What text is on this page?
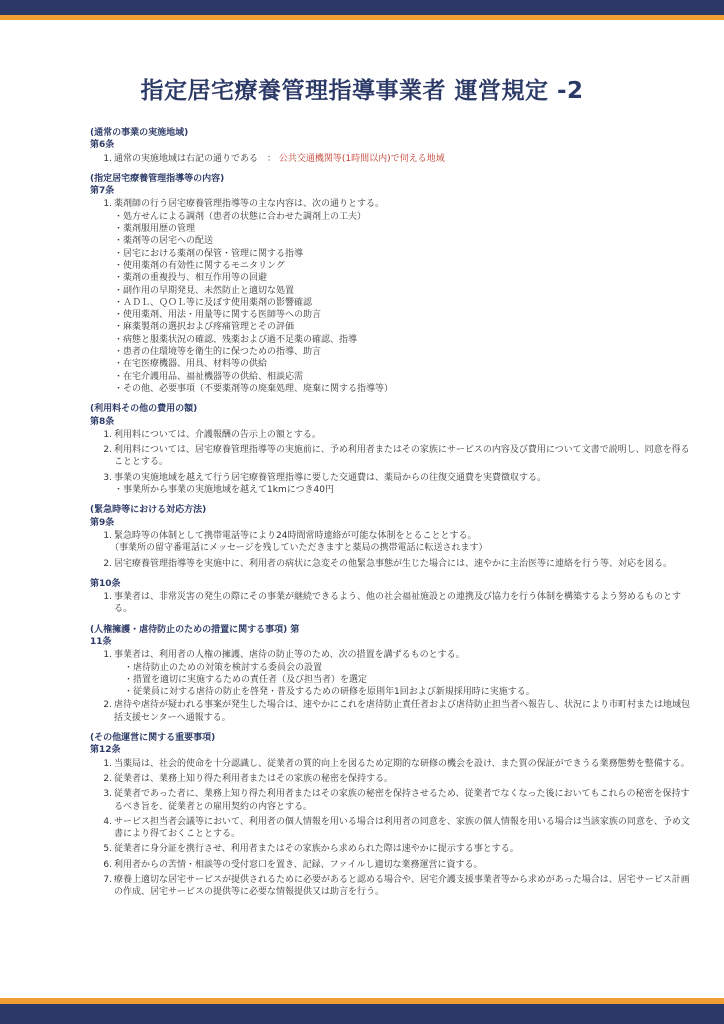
指定居宅療養管理指導事業者 運営規定 -2
(通常の事業の実施地域)
第6条
1. 通常の実施地域は右記の通りである　： 公共交通機関等(1時間以内)で伺える地域
(指定居宅療養管理指導等の内容)
第7条
1. 薬剤師の行う居宅療養管理指導等の主な内容は、次の通りとする。
・処方せんによる調剤（患者の状態に合わせた調剤上の工夫）
・薬剤服用歴の管理
・薬剤等の居宅への配送
・居宅における薬剤の保管・管理に関する指導
・使用薬剤の有効性に関するモニタリング
・薬剤の重複投与、相互作用等の回避
・副作用の早期発見、未然防止と適切な処置
・ＡＤＬ、ＱＯＬ等に及ぼす使用薬剤の影響確認
・使用薬剤、用法・用量等に関する医師等への助言
・麻薬製剤の選択および疼痛管理とその評価
・病態と服薬状況の確認、残薬および過不足薬の確認、指導
・患者の住環境等を衛生的に保つための指導、助言
・在宅医療機器、用具、材料等の供給
・在宅介護用品、福祉機器等の供給、相談応需
・その他、必要事項（不要薬剤等の廃棄処理、廃棄に関する指導等）
(利用料その他の費用の額)
第8条
1. 利用料については、介護報酬の告示上の額とする。
2. 利用料については、居宅療養管理指導等の実施前に、予め利用者またはその家族にサービスの内容及び費用について文書で説明し、同意を得ることとする。
3. 事業の実施地域を越えて行う居宅療養管理指導に要した交通費は、薬局からの往復交通費を実費徴収する。
・事業所から事業の実施地域を越えて1kmにつき40円
(緊急時等における対応方法)
第9条
1. 緊急時等の体制として携帯電話等により24時間常時連絡が可能な体制をとることとする。
（事業所の留守番電話にメッセージを残していただきますと薬局の携帯電話に転送されます）
2. 居宅療養管理指導等を実施中に、利用者の病状に急変その他緊急事態が生じた場合には、速やかに主治医等に連絡を行う等、対応を図る。
第10条
1. 事業者は、非常災害の発生の際にその事業が継続できるよう、他の社会福祉施設との連携及び協力を行う体制を構築するよう努めるものとする。
(人権擁護・虐待防止のための措置に関する事項) 第
11条
1. 事業者は、利用者の人権の擁護、虐待の防止等のため、次の措置を講ずるものとする。
・虐待防止のための対策を検討する委員会の設置
・措置を適切に実施するための責任者（及び担当者）を選定
・従業員に対する虐待の防止を啓発・普及するための研修を原則年1回および新規採用時に実施する。
2. 虐待や虐待が疑われる事案が発生した場合は、速やかにこれを虐待防止責任者および虐待防止担当者へ報告し、状況により市町村または地域包括支援センターへ通報する。
(その他運営に関する重要事項)
第12条
1. 当薬局は、社会的使命を十分認識し、従業者の質的向上を図るため定期的な研修の機会を設け、また質の保証ができうる業務態勢を整備する。
2. 従業者は、業務上知り得た利用者またはその家族の秘密を保持する。
3. 従業者であった者に、業務上知り得た利用者またはその家族の秘密を保持させるため、従業者でなくなった後においてもこれらの秘密を保持するべき旨を、従業者との雇用契約の内容とする。
4. サービス担当者会議等において、利用者の個人情報を用いる場合は利用者の同意を、家族の個人情報を用いる場合は当該家族の同意を、予め文書により得ておくこととする。
5. 従業者に身分証を携行させ、利用者またはその家族から求められた際は速やかに提示する事とする。
6. 利用者からの苦情・相談等の受付窓口を置き、記録、ファイルし適切な業務運営に資する。
7. 療養上適切な居宅サービスが提供されるために必要があると認める場合や、居宅介護支援事業者等から求めがあった場合は、居宅サービス計画の作成、居宅サービスの提供等に必要な情報提供又は助言を行う。
